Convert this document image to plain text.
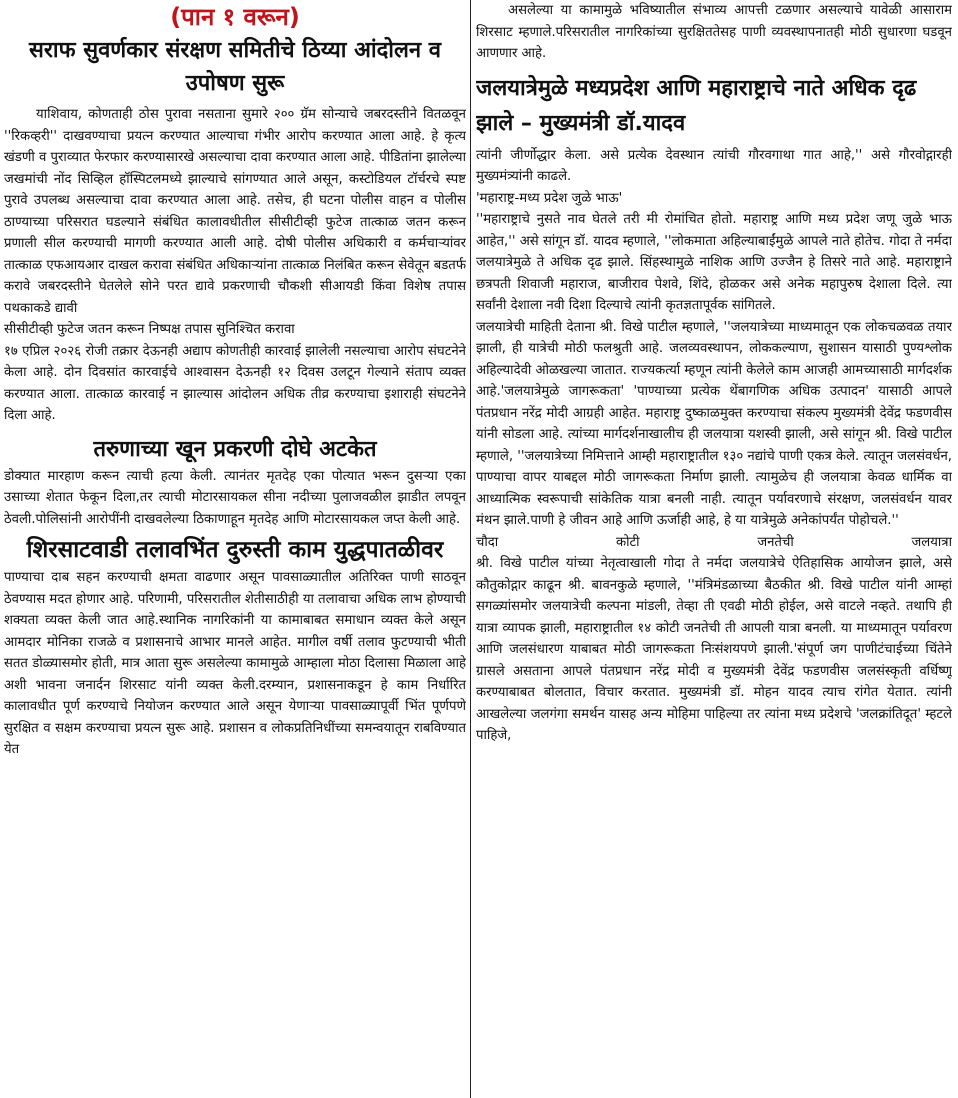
(पान १ वरून)
सराफ सुवर्णकार संरक्षण समितीचे ठिय्या आंदोलन व उपोषण सुरू

याशिवाय, कोणताही ठोस पुरावा नसताना सुमारे २०० ग्रॅम सोन्याचे जबरदस्तीने वितळवून ''रिकव्हरी'' दाखवण्याचा प्रयत्न करण्यात आल्याचा गंभीर आरोप करण्यात आला आहे. हे कृत्य खंडणी व पुराव्यात फेरफार करण्यासारखे असल्याचा दावा करण्यात आला आहे. पीडितांना झालेल्या जखमांची नोंद सिव्हिल हॉस्पिटलमध्ये झाल्याचे सांगण्यात आले असून, कस्टोडियल टॉर्चरचे स्पष्ट पुरावे उपलब्ध असल्याचा दावा करण्यात आला आहे. तसेच, ही घटना पोलीस वाहन व पोलीस ठाण्याच्या परिसरात घडल्याने संबंधित कालावधीतील सीसीटीव्ही फुटेज तात्काळ जतन करून प्रणाली सील करण्याची मागणी करण्यात आली आहे. दोषी पोलीस अधिकारी व कर्मचाऱ्यांवर तात्काळ एफआयआर दाखल करावा संबंधित अधिकाऱ्यांना तात्काळ निलंबित करून सेवेतून बडतर्फ करावे जबरदस्तीने घेतलेले सोने परत द्यावे प्रकरणाची चौकशी सीआयडी किंवा विशेष तपास पथकाकडे द्यावी

सीसीटीव्ही फुटेज जतन करून निष्पक्ष तपास सुनिश्चित करावा

१७ एप्रिल २०२६ रोजी तक्रार देऊनही अद्याप कोणतीही कारवाई झालेली नसल्याचा आरोप संघटनेने केला आहे. दोन दिवसांत कारवाईचे आश्वासन देऊनही १२ दिवस उलटून गेल्याने संताप व्यक्त करण्यात आला. तात्काळ कारवाई न झाल्यास आंदोलन अधिक तीव्र करण्याचा इशाराही संघटनेने दिला आहे.

तरुणाच्या खून प्रकरणी दोघे अटकेत

डोक्यात मारहाण करून त्याची हत्या केली. त्यानंतर मृतदेह एका पोत्यात भरून दुसऱ्या एका उसाच्या शेतात फेकून दिला,तर त्याची मोटारसायकल सीना नदीच्या पुलाजवळील झाडीत लपवून ठेवली.पोलिसांनी आरोपींनी दाखवलेल्या ठिकाणाहून मृतदेह आणि मोटारसायकल जप्त केली आहे.

शिरसाटवाडी तलावभिंत दुरुस्ती काम युद्धपातळीवर

पाण्याचा दाब सहन करण्याची क्षमता वाढणार असून पावसाळ्यातील अतिरिक्त पाणी साठवून ठेवण्यास मदत होणार आहे. परिणामी, परिसरातील शेतीसाठीही या तलावाचा अधिक लाभ होण्याची शक्यता व्यक्त केली जात आहे.स्थानिक नागरिकांनी या कामाबाबत समाधान व्यक्त केले असून आमदार मोनिका राजळे व प्रशासनाचे आभार मानले आहेत. मागील वर्षी तलाव फुटण्याची भीती सतत डोळ्यासमोर होती, मात्र आता सुरू असलेल्या कामामुळे आम्हाला मोठा दिलासा मिळाला आहे अशी भावना जनार्दन शिरसाट यांनी व्यक्त केली.दरम्यान, प्रशासनाकडून हे काम निर्धारित कालावधीत पूर्ण करण्याचे नियोजन करण्यात आले असून येणाऱ्या पावसाळ्यापूर्वी भिंत पूर्णपणे सुरक्षित व सक्षम करण्याचा प्रयत्न सुरू आहे. प्रशासन व लोकप्रतिनिधींच्या समन्वयातून राबविण्यात येत

असलेल्या या कामामुळे भविष्यातील संभाव्य आपत्ती टळणार असल्याचे यावेळी आसाराम शिरसाट म्हणाले.परिसरातील नागरिकांच्या सुरक्षिततेसह पाणी व्यवस्थापनातही मोठी सुधारणा घडवून आणणार आहे.

जलयात्रेमुळे मध्यप्रदेश आणि महाराष्ट्राचे नाते अधिक दृढ झाले – मुख्यमंत्री डॉ.यादव

त्यांनी जीर्णोद्धार केला. असे प्रत्येक देवस्थान त्यांची गौरवगाथा गात आहे,'' असे गौरवोद्गारही मुख्यमंत्र्यांनी काढले.

'महाराष्ट्र-मध्य प्रदेश जुळे भाऊ'

''महाराष्ट्राचे नुसते नाव घेतले तरी मी रोमांचित होतो. महाराष्ट्र आणि मध्य प्रदेश जणू जुळे भाऊ आहेत,'' असे सांगून डॉ. यादव म्हणाले, ''लोकमाता अहिल्याबाईंमुळे आपले नाते होतेच. गोदा ते नर्मदा जलयात्रेमुळे ते अधिक दृढ झाले. सिंहस्थामुळे नाशिक आणि उज्जैन हे तिसरे नाते आहे. महाराष्ट्राने छत्रपती शिवाजी महाराज, बाजीराव पेशवे, शिंदे, होळकर असे अनेक महापुरुष देशाला दिले. त्या सर्वांनी देशाला नवी दिशा दिल्याचे त्यांनी कृतज्ञतापूर्वक सांगितले.

जलयात्रेची माहिती देताना श्री. विखे पाटील म्हणाले, ''जलयात्रेच्या माध्यमातून एक लोकचळवळ तयार झाली, ही यात्रेची मोठी फलश्रुती आहे. जलव्यवस्थापन, लोककल्याण, सुशासन यासाठी पुण्यश्लोक अहिल्यादेवी ओळखल्या जातात. राज्यकर्त्या म्हणून त्यांनी केलेले काम आजही आमच्यासाठी मार्गदर्शक आहे.'जलयात्रेमुळे जागरूकता' 'पाण्याच्या प्रत्येक थेंबागणिक अधिक उत्पादन' यासाठी आपले पंतप्रधान नरेंद्र मोदी आग्रही आहेत. महाराष्ट्र दुष्काळमुक्त करण्याचा संकल्प मुख्यमंत्री देवेंद्र फडणवीस यांनी सोडला आहे. त्यांच्या मार्गदर्शनाखालीच ही जलयात्रा यशस्वी झाली, असे सांगून श्री. विखे पाटील म्हणाले, ''जलयात्रेच्या निमित्ताने आम्ही महाराष्ट्रातील १३० नद्यांचे पाणी एकत्र केले. त्यातून जलसंवर्धन, पाण्याचा वापर याबद्दल मोठी जागरूकता निर्माण झाली. त्यामुळेच ही जलयात्रा केवळ धार्मिक वा आध्यात्मिक स्वरूपाची सांकेतिक यात्रा बनली नाही. त्यातून पर्यावरणाचे संरक्षण, जलसंवर्धन यावर मंथन झाले.पाणी हे जीवन आहे आणि ऊर्जाही आहे, हे या यात्रेमुळे अनेकांपर्यंत पोहोचले.''

चौदा	कोटी	जनतेची	जलयात्रा

श्री. विखे पाटील यांच्या नेतृत्वाखाली गोदा ते नर्मदा जलयात्रेचे ऐतिहासिक आयोजन झाले, असे कौतुकोद्गार काढून श्री. बावनकुळे म्हणाले, ''मंत्रिमंडळाच्या बैठकीत श्री. विखे पाटील यांनी आम्हां सगळ्यांसमोर जलयात्रेची कल्पना मांडली, तेव्हा ती एवढी मोठी होईल, असे वाटले नव्हते. तथापि ही यात्रा व्यापक झाली, महाराष्ट्रातील १४ कोटी जनतेची ती आपली यात्रा बनली. या माध्यमातून पर्यावरण आणि जलसंधारण याबाबत मोठी जागरूकता निःसंशयपणे झाली.'संपूर्ण जग पाणीटंचाईच्या चिंतेने ग्रासले असताना आपले पंतप्रधान नरेंद्र मोदी व मुख्यमंत्री देवेंद्र फडणवीस जलसंस्कृती वर्धिष्णू करण्याबाबत बोलतात, विचार करतात. मुख्यमंत्री डॉ. मोहन यादव त्याच रांगेत येतात. त्यांनी आखलेल्या जलगंगा समर्थन यासह अन्य मोहिमा पाहिल्या तर त्यांना मध्य प्रदेशचे 'जलक्रांतिदूत' म्हटले पाहिजे,
